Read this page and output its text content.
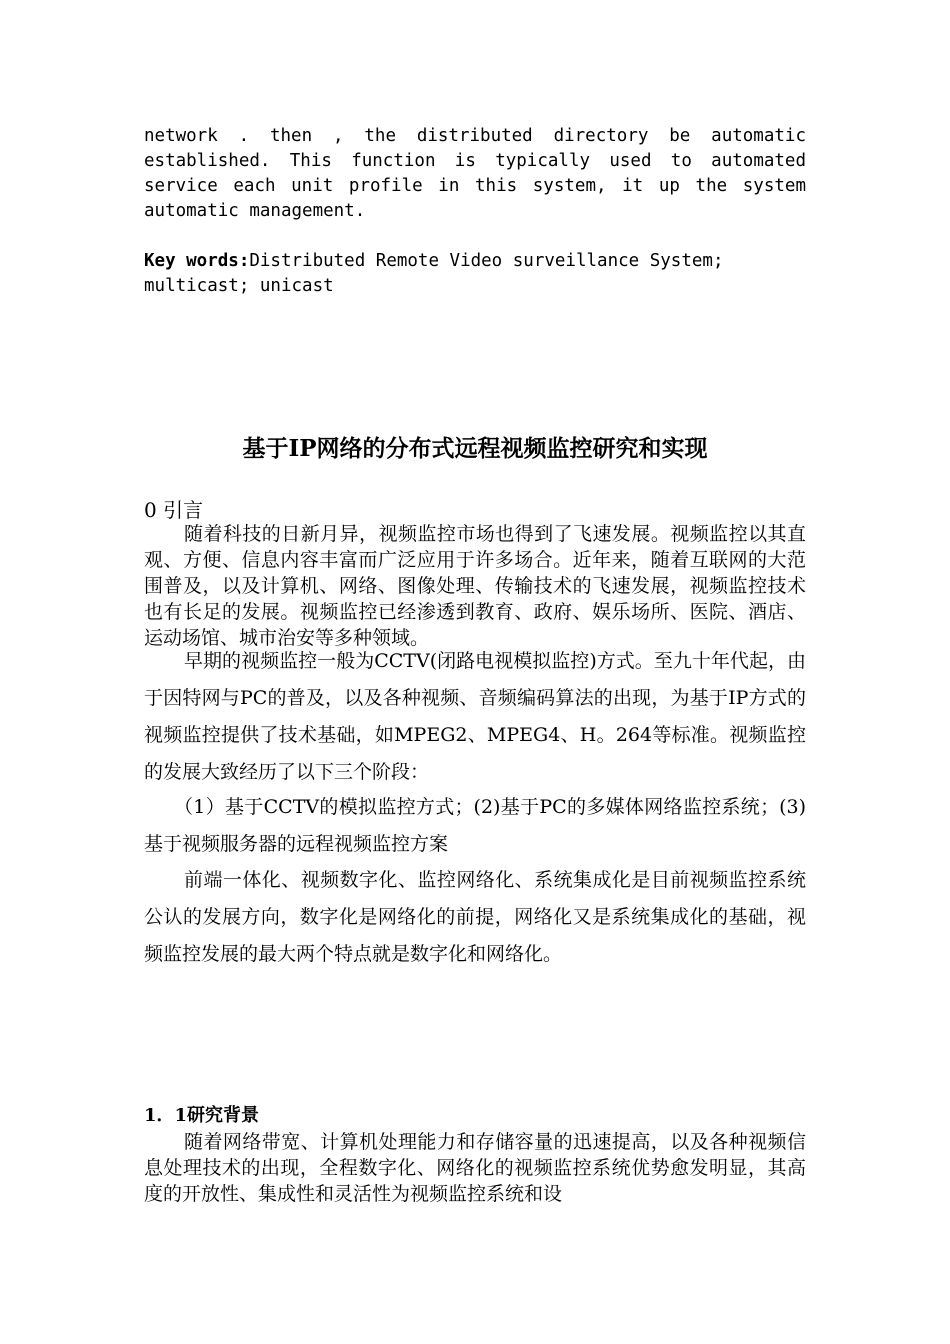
network . then , the distributed directory be automatic established. This function is typically used to automated service each unit profile in this system, it up the system automatic management.

Key words:Distributed Remote Video surveillance System; multicast; unicast
基于IP网络的分布式远程视频监控研究和实现
0 引言

随着科技的日新月异，视频监控市场也得到了飞速发展。视频监控以其直观、方便、信息内容丰富而广泛应用于许多场合。近年来，随着互联网的大范围普及，以及计算机、网络、图像处理、传输技术的飞速发展，视频监控技术也有长足的发展。视频监控已经渗透到教育、政府、娱乐场所、医院、酒店、运动场馆、城市治安等多种领域。

早期的视频监控一般为CCTV(闭路电视模拟监控)方式。至九十年代起，由于因特网与PC的普及，以及各种视频、音频编码算法的出现，为基于IP方式的视频监控提供了技术基础，如MPEG2、MPEG4、H。264等标准。视频监控的发展大致经历了以下三个阶段：

（1）基于CCTV的模拟监控方式；(2)基于PC的多媒体网络监控系统；(3)基于视频服务器的远程视频监控方案

前端一体化、视频数字化、监控网络化、系统集成化是目前视频监控系统公认的发展方向，数字化是网络化的前提，网络化又是系统集成化的基础，视频监控发展的最大两个特点就是数字化和网络化。

1．1研究背景

随着网络带宽、计算机处理能力和存储容量的迅速提高，以及各种视频信息处理技术的出现，全程数字化、网络化的视频监控系统优势愈发明显，其高度的开放性、集成性和灵活性为视频监控系统和设
